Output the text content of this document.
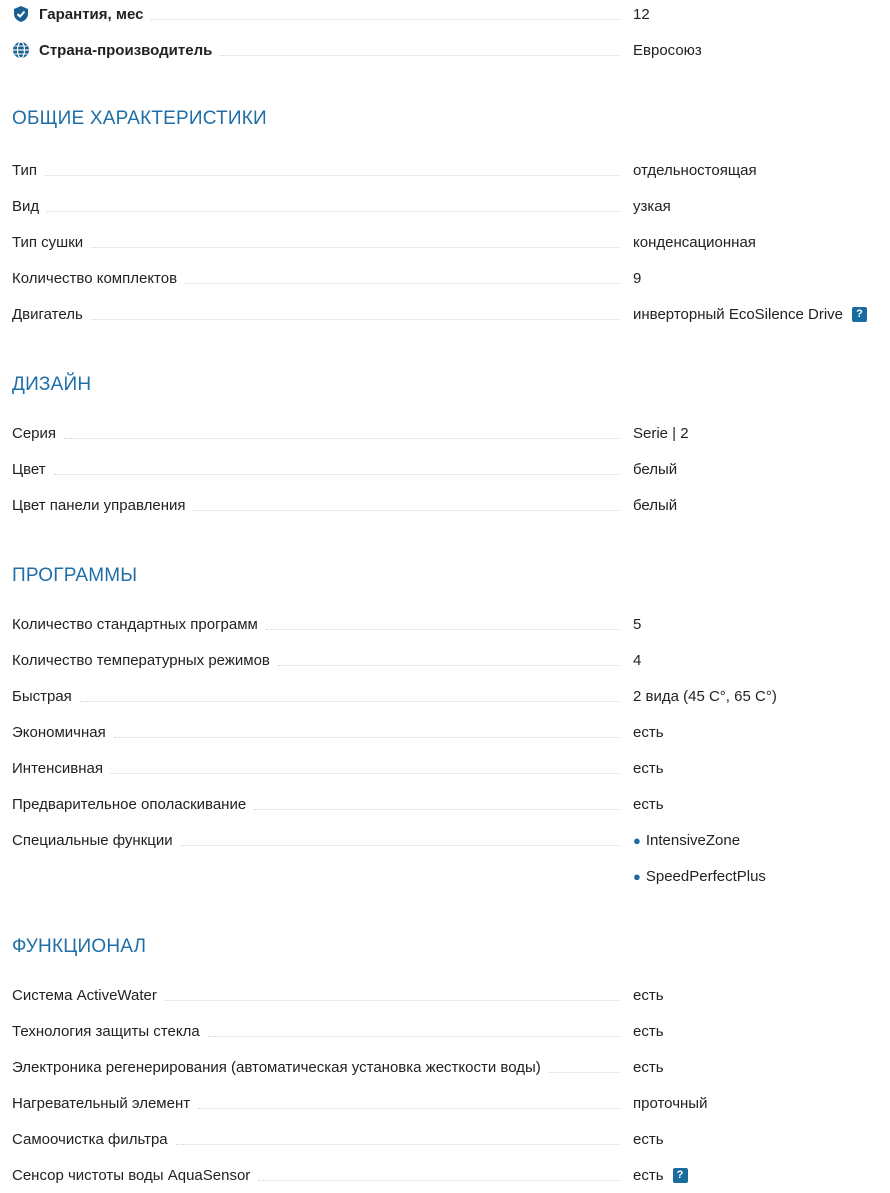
Гарантия, мес	12
Страна-производитель	Евросоюз
ОБЩИЕ ХАРАКТЕРИСТИКИ
Тип	отдельностоящая
Вид	узкая
Тип сушки	конденсационная
Количество комплектов	9
Двигатель	инверторный EcoSilence Drive	?
ДИЗАЙН
Серия	Serie | 2
Цвет	белый
Цвет панели управления	белый
ПРОГРАММЫ
Количество стандартных программ	5
Количество температурных режимов	4
Быстрая	2 вида (45 C°, 65 C°)
Экономичная	есть
Интенсивная	есть
Предварительное ополаскивание	есть
Специальные функции	● IntensiveZone
● SpeedPerfectPlus
ФУНКЦИОНАЛ
Система ActiveWater	есть
Технология защиты стекла	есть
Электроника регенерирования (автоматическая установка жесткости воды)	есть
Нагревательный элемент	проточный
Самоочистка фильтра	есть
Сенсор чистоты воды AquaSensor	есть	?
